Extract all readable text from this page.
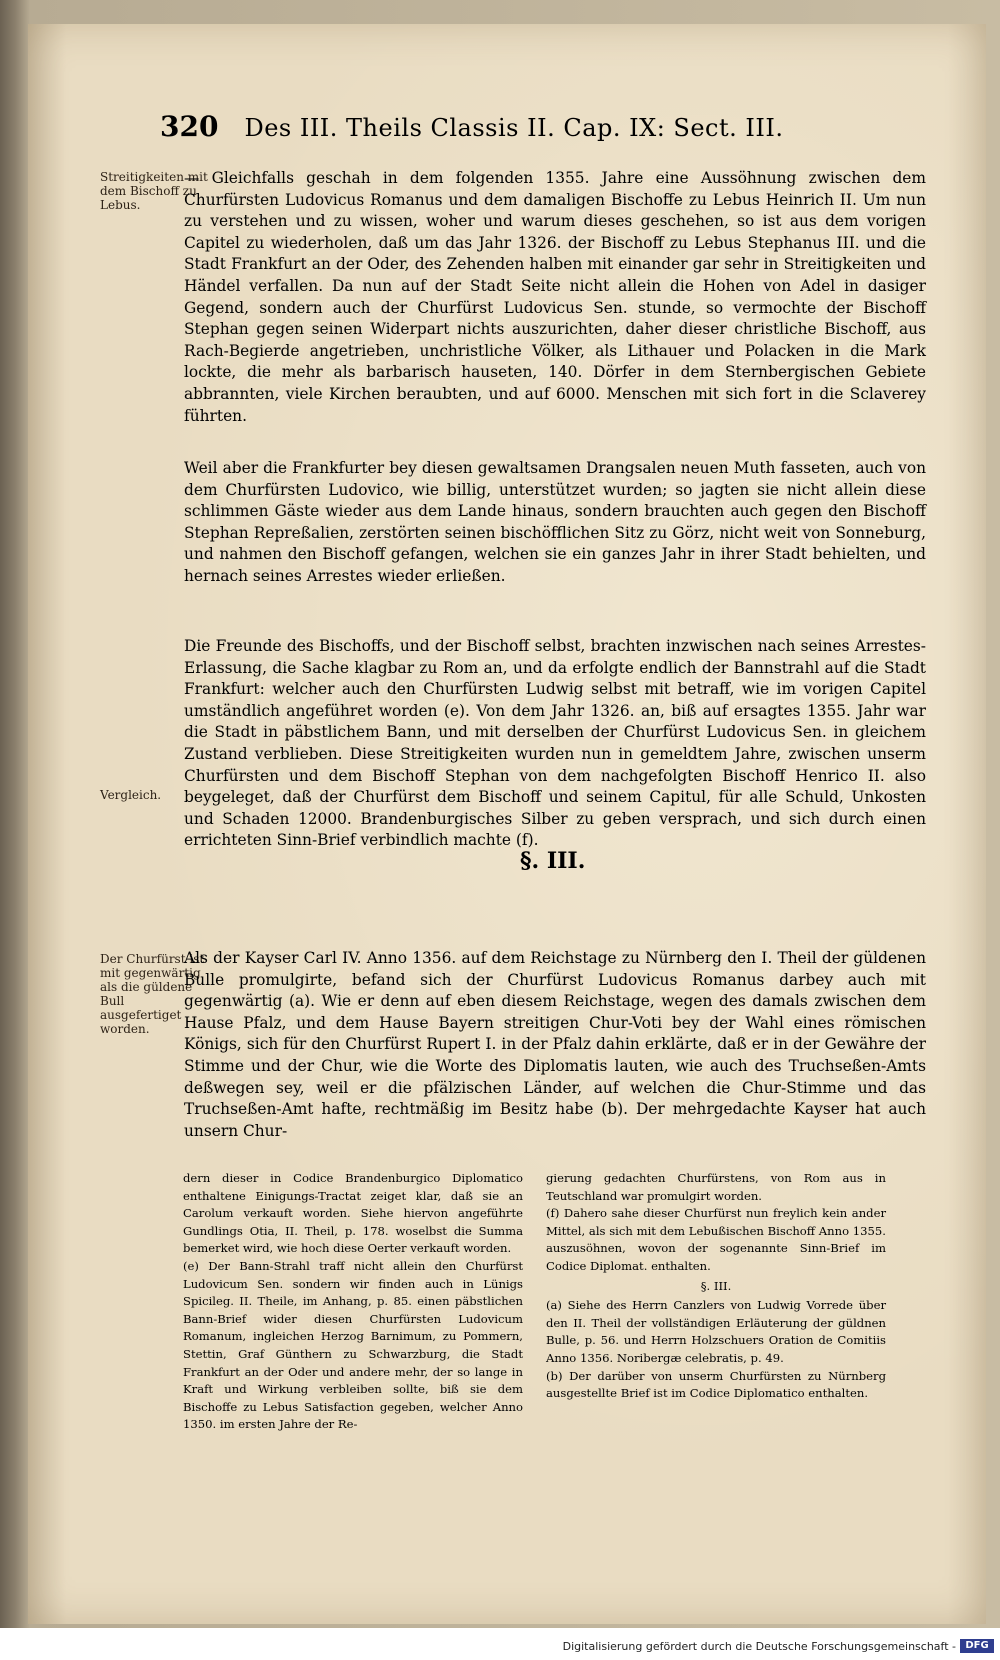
320 Des III. Theils Classis II. Cap. IX: Sect. III.
Streitigkeiten mit dem Bischoff zu Lebus.
— Gleichfalls geschah in dem folgenden 1355. Jahre eine Aussöhnung zwischen dem Churfürsten Ludovicus Romanus und dem damaligen Bischoffe zu Lebus Heinrich II. Um nun zu verstehen und zu wissen, woher und warum dieses geschehen, so ist aus dem vorigen Capitel zu wiederholen, daß um das Jahr 1326. der Bischoff zu Lebus Stephanus III. und die Stadt Frankfurt an der Oder, des Zehenden halben mit einander gar sehr in Streitigkeiten und Händel verfallen. Da nun auf der Stadt Seite nicht allein die Hohen von Adel in dasiger Gegend, sondern auch der Churfürst Ludovicus Sen. stunde, so vermochte der Bischoff Stephan gegen seinen Widerpart nichts auszurichten, daher dieser christliche Bischoff, aus Rach-Begierde angetrieben, unchristliche Völker, als Lithauer und Polacken in die Mark lockte, die mehr als barbarisch hauseten, 140. Dörfer in dem Sternbergischen Gebiete abbrannten, viele Kirchen beraubten, und auf 6000. Menschen mit sich fort in die Sclaverey führten.
Weil aber die Frankfurter bey diesen gewaltsamen Drangsalen neuen Muth fasseten, auch von dem Churfürsten Ludovico, wie billig, unterstützet wurden; so jagten sie nicht allein diese schlimmen Gäste wieder aus dem Lande hinaus, sondern brauchten auch gegen den Bischoff Stephan Repreßalien, zerstörten seinen bischöfflichen Sitz zu Görz, nicht weit von Sonneburg, und nahmen den Bischoff gefangen, welchen sie ein ganzes Jahr in ihrer Stadt behielten, und hernach seines Arrestes wieder erließen.
Die Freunde des Bischoffs, und der Bischoff selbst, brachten inzwischen nach seines Arrestes-Erlassung, die Sache klagbar zu Rom an, und da erfolgte endlich der Bannstrahl auf die Stadt Frankfurt: welcher auch den Churfürsten Ludwig selbst mit betraff, wie im vorigen Capitel umständlich angeführet worden (e). Von dem Jahr 1326. an, biß auf ersagtes 1355. Jahr war die Stadt in päbstlichem Bann, und mit derselben der Churfürst Ludovicus Sen. in gleichem Zustand verblieben. Diese Streitigkeiten wurden nun in gemeldtem Jahre, zwischen unserm Churfürsten und dem Bischoff Stephan von dem nachgefolgten Bischoff Henrico II. also beygeleget, daß der Churfürst dem Bischoff und seinem Capitul, für alle Schuld, Unkosten und Schaden 12000. Brandenburgisches Silber zu geben versprach, und sich durch einen errichteten Sinn-Brief verbindlich machte (f).
Vergleich.
§. III.
Der Churfürst ist mit gegenwärtig als die güldene Bull ausgefertiget worden.
Als der Kayser Carl IV. Anno 1356. auf dem Reichstage zu Nürnberg den I. Theil der güldenen Bulle promulgirte, befand sich der Churfürst Ludovicus Romanus darbey auch mit gegenwärtig (a). Wie er denn auf eben diesem Reichstage, wegen des damals zwischen dem Hause Pfalz, und dem Hause Bayern streitigen Chur-Voti bey der Wahl eines römischen Königs, sich für den Churfürst Rupert I. in der Pfalz dahin erklärte, daß er in der Gewähre der Stimme und der Chur, wie die Worte des Diplomatis lauten, wie auch des Truchseßen-Amts deßwegen sey, weil er die pfälzischen Länder, auf welchen die Chur-Stimme und das Truchseßen-Amt hafte, rechtmäßig im Besitz habe (b). Der mehrgedachte Kayser hat auch unsern Chur-

dern dieser in Codice Brandenburgico Diplomatico enthaltene Einigungs-Tractat zeiget klar, daß sie an Carolum verkauft worden. Siehe hiervon angeführte Gundlings Otia, II. Theil, p. 178. woselbst die Summa bemerket wird, wie hoch diese Oerter verkauft worden.

(e) Der Bann-Strahl traff nicht allein den Churfürst Ludovicum Sen. sondern wir finden auch in Lünigs Spicileg. II. Theile, im Anhang, p. 85. einen päbstlichen Bann-Brief wider diesen Churfürsten Ludovicum Romanum, ingleichen Herzog Barnimum, zu Pommern, Stettin, Graf Günthern zu Schwarzburg, die Stadt Frankfurt an der Oder und andere mehr, der so lange in Kraft und Wirkung verbleiben sollte, biß sie dem Bischoffe zu Lebus Satisfaction gegeben, welcher Anno 1350. im ersten Jahre der Re-

gierung gedachten Churfürstens, von Rom aus in Teutschland war promulgirt worden.

(f) Dahero sahe dieser Churfürst nun freylich kein ander Mittel, als sich mit dem Lebußischen Bischoff Anno 1355. auszusöhnen, wovon der sogenannte Sinn-Brief im Codice Diplomat. enthalten.

§. III.

(a) Siehe des Herrn Canzlers von Ludwig Vorrede über den II. Theil der vollständigen Erläuterung der güldnen Bulle, p. 56. und Herrn Holzschuers Oration de Comitiis Anno 1356. Noribergæ celebratis, p. 49.

(b) Der darüber von unserm Churfürsten zu Nürnberg ausgestellte Brief ist im Codice Diplomatico enthalten.

Digitalisierung gefördert durch die Deutsche Forschungsgemeinschaft - DFG
